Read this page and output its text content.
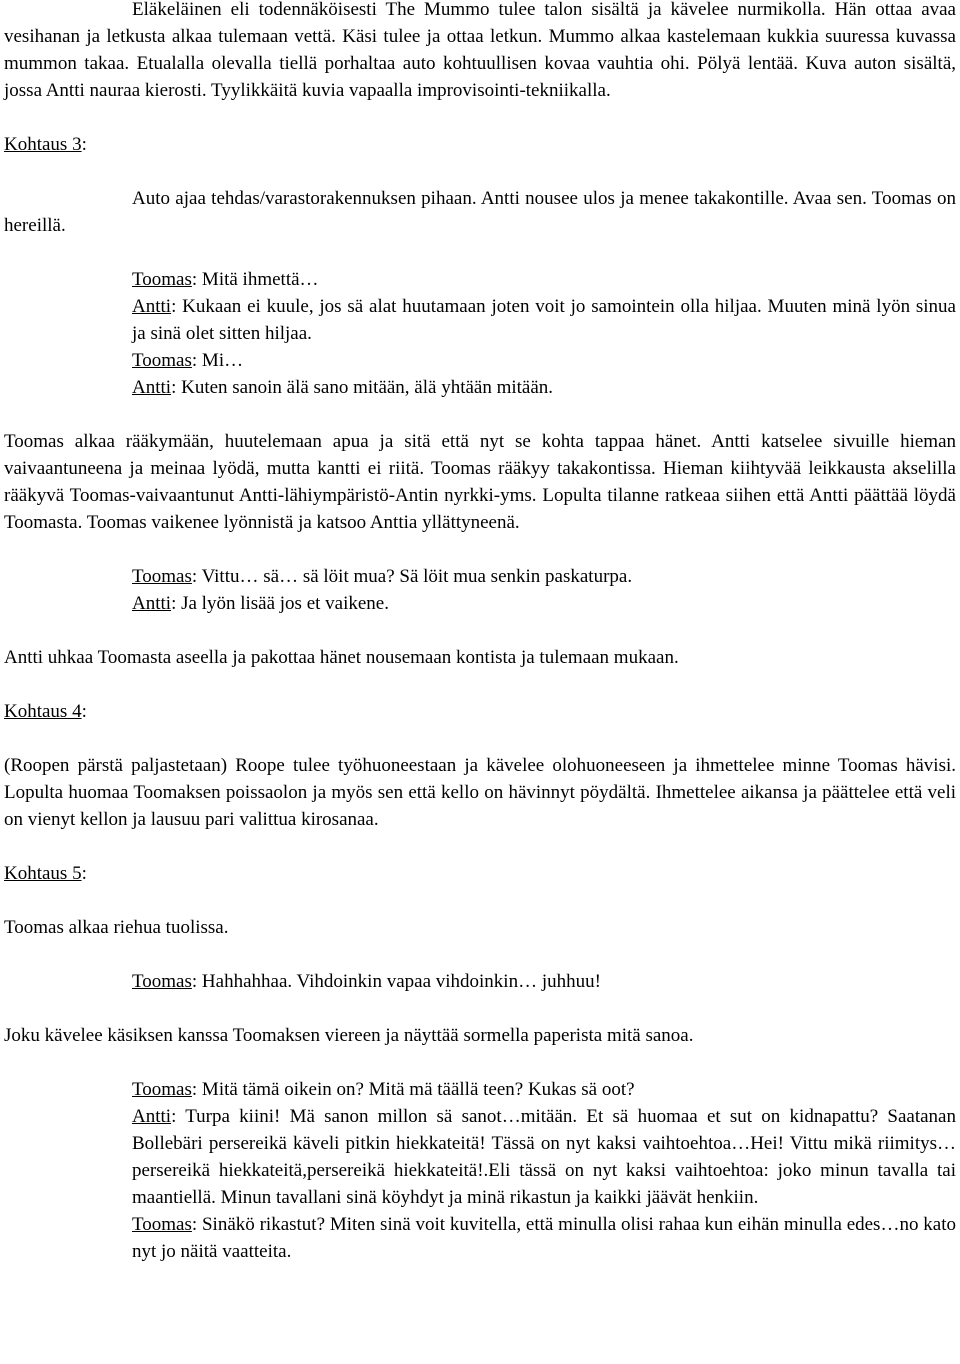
Eläkeläinen eli todennäköisesti The Mummo tulee talon sisältä ja kävelee nurmikolla. Hän ottaa avaa vesihanan ja letkusta alkaa tulemaan vettä. Käsi tulee ja ottaa letkun. Mummo alkaa kastelemaan kukkia suuressa kuvassa mummon takaa. Etualalla olevalla tiellä porhaltaa auto kohtuullisen kovaa vauhtia ohi. Pölyä lentää. Kuva auton sisältä, jossa Antti nauraa kierosti. Tyylikkäitä kuvia vapaalla improvisointi-tekniikalla.

Kohtaus 3:

Auto ajaa tehdas/varastorakennuksen pihaan. Antti nousee ulos ja menee takakontille. Avaa sen. Toomas on hereillä.

Toomas: Mitä ihmettä…

Antti: Kukaan ei kuule, jos sä alat huutamaan joten voit jo samointein olla hiljaa. Muuten minä lyön sinua ja sinä olet sitten hiljaa.

Toomas: Mi…

Antti: Kuten sanoin älä sano mitään, älä yhtään mitään.

Toomas alkaa rääkymään, huutelemaan apua ja sitä että nyt se kohta tappaa hänet. Antti katselee sivuille hieman vaivaantuneena ja meinaa lyödä, mutta kantti ei riitä. Toomas rääkyy takakontissa. Hieman kiihtyvää leikkausta akselilla rääkyvä Toomas-vaivaantunut Antti-lähiympäristö-Antin nyrkki-yms. Lopulta tilanne ratkeaa siihen että Antti päättää löydä Toomasta. Toomas vaikenee lyönnistä ja katsoo Anttia yllättyneenä.

Toomas: Vittu… sä… sä löit mua? Sä löit mua senkin paskaturpa.

Antti: Ja lyön lisää jos et vaikene.

Antti uhkaa Toomasta aseella ja pakottaa hänet nousemaan kontista ja tulemaan mukaan.

Kohtaus 4:

(Roopen pärstä paljastetaan) Roope tulee työhuoneestaan ja kävelee olohuoneeseen ja ihmettelee minne Toomas hävisi. Lopulta huomaa Toomaksen poissaolon ja myös sen että kello on hävinnyt pöydältä. Ihmettelee aikansa ja päättelee että veli on vienyt kellon ja lausuu pari valittua kirosanaa.

Kohtaus 5:

Toomas alkaa riehua tuolissa.

Toomas: Hahhahhaa. Vihdoinkin vapaa vihdoinkin… juhhuu!

Joku kävelee käsiksen kanssa Toomaksen viereen ja näyttää sormella paperista mitä sanoa.

Toomas: Mitä tämä oikein on? Mitä mä täällä teen? Kukas sä oot?

Antti: Turpa kiini! Mä sanon millon sä sanot…mitään. Et sä huomaa et sut on kidnapattu? Saatanan Bollebäri persereikä käveli pitkin hiekkateitä! Tässä on nyt kaksi vaihtoehtoa…Hei! Vittu mikä riimitys…persereikä hiekkateitä,persereikä hiekkateitä!.Eli tässä on nyt kaksi vaihtoehtoa: joko minun tavalla tai maantiellä. Minun tavallani sinä köyhdyt ja minä rikastun ja kaikki jäävät henkiin.

Toomas: Sinäkö rikastut? Miten sinä voit kuvitella, että minulla olisi rahaa kun eihän minulla edes…no kato nyt jo näitä vaatteita.
